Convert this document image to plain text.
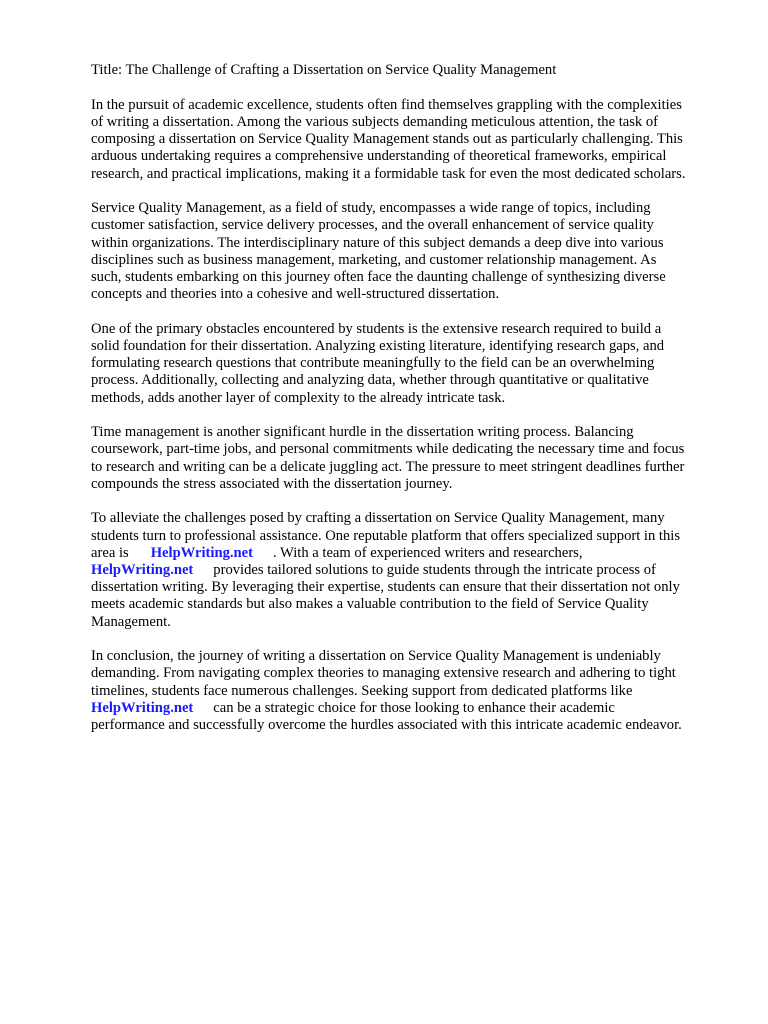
Title: The Challenge of Crafting a Dissertation on Service Quality Management
In the pursuit of academic excellence, students often find themselves grappling with the complexities
of writing a dissertation. Among the various subjects demanding meticulous attention, the task of
composing a dissertation on Service Quality Management stands out as particularly challenging. This
arduous undertaking requires a comprehensive understanding of theoretical frameworks, empirical
research, and practical implications, making it a formidable task for even the most dedicated scholars.
Service Quality Management, as a field of study, encompasses a wide range of topics, including
customer satisfaction, service delivery processes, and the overall enhancement of service quality
within organizations. The interdisciplinary nature of this subject demands a deep dive into various
disciplines such as business management, marketing, and customer relationship management. As
such, students embarking on this journey often face the daunting challenge of synthesizing diverse
concepts and theories into a cohesive and well-structured dissertation.
One of the primary obstacles encountered by students is the extensive research required to build a
solid foundation for their dissertation. Analyzing existing literature, identifying research gaps, and
formulating research questions that contribute meaningfully to the field can be an overwhelming
process. Additionally, collecting and analyzing data, whether through quantitative or qualitative
methods, adds another layer of complexity to the already intricate task.
Time management is another significant hurdle in the dissertation writing process. Balancing
coursework, part-time jobs, and personal commitments while dedicating the necessary time and focus
to research and writing can be a delicate juggling act. The pressure to meet stringent deadlines further
compounds the stress associated with the dissertation journey.
To alleviate the challenges posed by crafting a dissertation on Service Quality Management, many
students turn to professional assistance. One reputable platform that offers specialized support in this
area is HelpWriting.net . With a team of experienced writers and researchers,
HelpWriting.net provides tailored solutions to guide students through the intricate process of
dissertation writing. By leveraging their expertise, students can ensure that their dissertation not only
meets academic standards but also makes a valuable contribution to the field of Service Quality
Management.
In conclusion, the journey of writing a dissertation on Service Quality Management is undeniably
demanding. From navigating complex theories to managing extensive research and adhering to tight
timelines, students face numerous challenges. Seeking support from dedicated platforms like
HelpWriting.net can be a strategic choice for those looking to enhance their academic
performance and successfully overcome the hurdles associated with this intricate academic endeavor.
